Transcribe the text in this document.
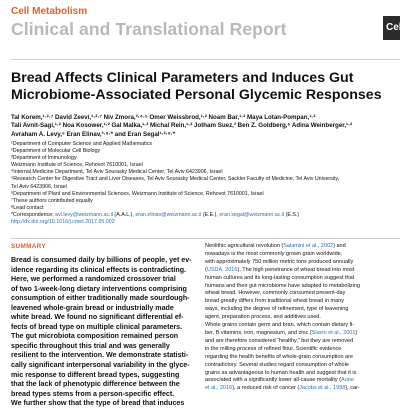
Cell Metabolism
Clinical and Translational Report	Cel
Bread Affects Clinical Parameters and Induces Gut
Microbiome-Associated Personal Glycemic Responses
Tal Korem,¹·²·⁷ David Zeevi,¹·²·⁷ Niv Zmora,³·⁴·⁵ Omer Weissbrod,¹·² Noam Bar,¹·² Maya Lotan-Pompan,¹·²
Tali Avnit-Sagi,¹·² Noa Kosower,¹·² Gal Malka,¹·² Michal Rein,¹·² Jotham Suez,³ Ben Z. Goldberg,⁶ Adina Weinberger,¹·²
Avraham A. Levy,⁶ Eran Elinav,³·⁸·* and Eran Segal¹·²·⁸·*
¹Department of Computer Science and Applied Mathematics
²Department of Molecular Cell Biology
³Department of Immunology
Weizmann Institute of Science, Rehovot 7610001, Israel
⁴Internal Medicine Department, Tel Aviv Sourasky Medical Center, Tel Aviv 6423906, Israel
⁵Research Center for Digestive Tract and Liver Diseases, Tel Aviv Sourasky Medical Center, Sackler Faculty of Medicine, Tel Aviv University,
Tel Aviv 6423906, Israel
⁶Department of Plant and Environmental Sciences, Weizmann Institute of Science, Rehovot 7610001, Israel
⁷These authors contributed equally
⁸Lead contact
*Correspondence: avi.levy@weizmann.ac.il (A.A.L.), eran.elinav@weizmann.ac.il (E.E.), eran.segal@weizmann.ac.il (E.S.)
http://dx.doi.org/10.1016/j.cmet.2017.05.002
SUMMARY
Bread is consumed daily by billions of people, yet ev-
idence regarding its clinical effects is contradicting.
Here, we performed a randomized crossover trial
of two 1-week-long dietary interventions comprising
consumption of either traditionally made sourdough-
leavened whole-grain bread or industrially made
white bread. We found no significant differential ef-
fects of bread type on multiple clinical parameters.
The gut microbiota composition remained person
specific throughout this trial and was generally
resilient to the intervention. We demonstrate statisti-
cally significant interpersonal variability in the glyce-
mic response to different bread types, suggesting
that the lack of phenotypic difference between the
bread types stems from a person-specific effect.
We further show that the type of bread that induces
Neolithic agricultural revolution (Salamini et al., 2002) and
nowadays is the most commonly grown grain worldwide,
with approximately 750 million metric tons produced annually
(USDA, 2016). The high penetrance of wheat bread into most
human cultures and its long-lasting consumption suggest that
humans and their gut microbiome have adapted to metabolizing
wheat bread. However, commonly consumed present-day
bread greatly differs from traditional wheat bread in many
ways, including the degree of refinement, type of leavening
agent, preparation process, and additives used.
Whole grains contain germ and bran, which contain dietary fi-
ber, B vitamins, iron, magnesium, and zinc (Slavin et al., 2001)
and are therefore considered “healthy,” but they are removed
in the milling process of refined flour. Scientific evidence
regarding the health benefits of whole-grain consumption are
contradictory. Several studies regard consumption of whole
grains as advantageous to human health and suggest that it is
associated with a significantly lower all-cause mortality (Aune
et al., 2016), a reduced risk of cancer (Jacobs et al., 1998), car-
